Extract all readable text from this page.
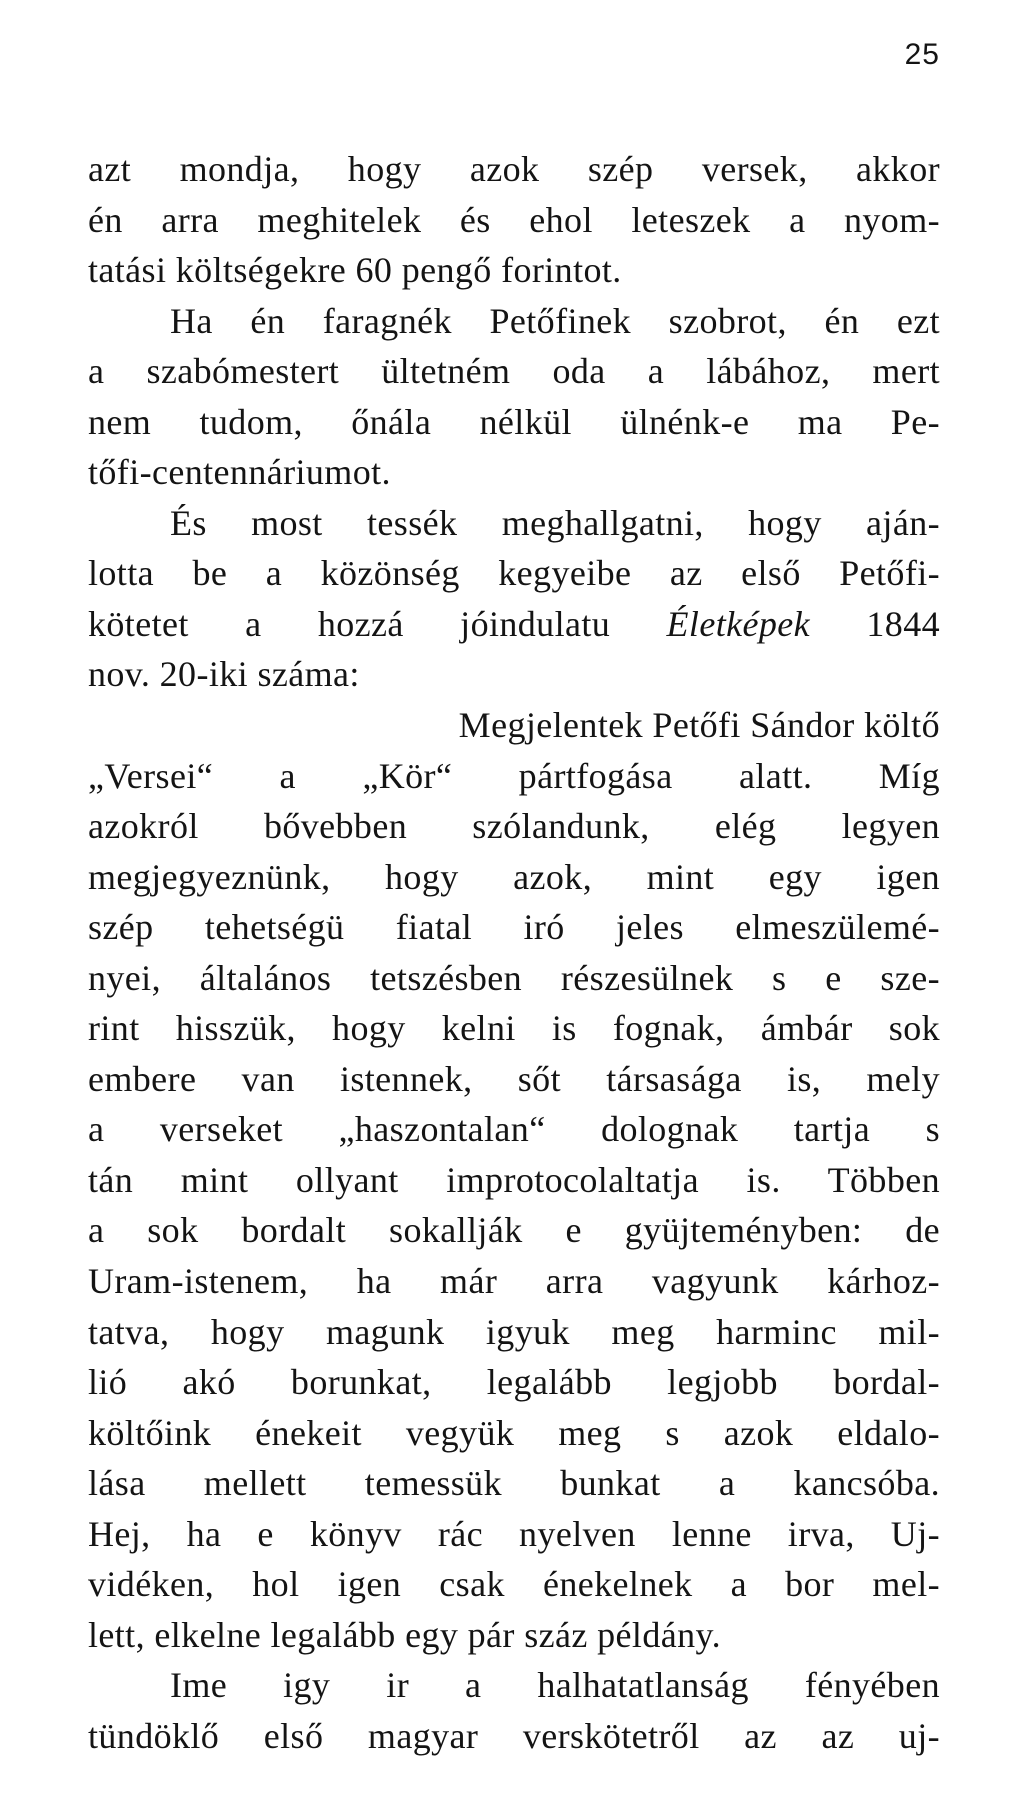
25
azt mondja, hogy azok szép versek, akkor
én arra meghitelek és ehol leteszek a nyom-
tatási költségekre 60 pengő forintot.
Ha én faragnék Petőfinek szobrot, én ezt
a szabómestert ültetném oda a lábához, mert
nem tudom, őnála nélkül ülnénk-e ma Pe-
tőfi-centennáriumot.
És most tessék meghallgatni, hogy aján-
lotta be a közönség kegyeibe az első Petőfi-
kötetet a hozzá jóindulatu Életképek 1844
nov. 20-iki száma:
Megjelentek Petőfi Sándor költő
„Versei“ a „Kör“ pártfogása alatt. Míg
azokról bővebben szólandunk, elég legyen
megjegyeznünk, hogy azok, mint egy igen
szép tehetségü fiatal iró jeles elmeszülemé-
nyei, általános tetszésben részesülnek s e sze-
rint hisszük, hogy kelni is fognak, ámbár sok
embere van istennek, sőt társasága is, mely
a verseket „haszontalan“ dolognak tartja s
tán mint ollyant improtocolaltatja is. Többen
a sok bordalt sokallják e gyüjteményben: de
Uram-istenem, ha már arra vagyunk kárhoz-
tatva, hogy magunk igyuk meg harminc mil-
lió akó borunkat, legalább legjobb bordal-
költőink énekeit vegyük meg s azok eldalo-
lása mellett temessük bunkat a kancsóba.
Hej, ha e könyv rác nyelven lenne irva, Uj-
vidéken, hol igen csak énekelnek a bor mel-
lett, elkelne legalább egy pár száz példány.
Ime igy ir a halhatatlanság fényében
tündöklő első magyar verskötetről az az uj-
